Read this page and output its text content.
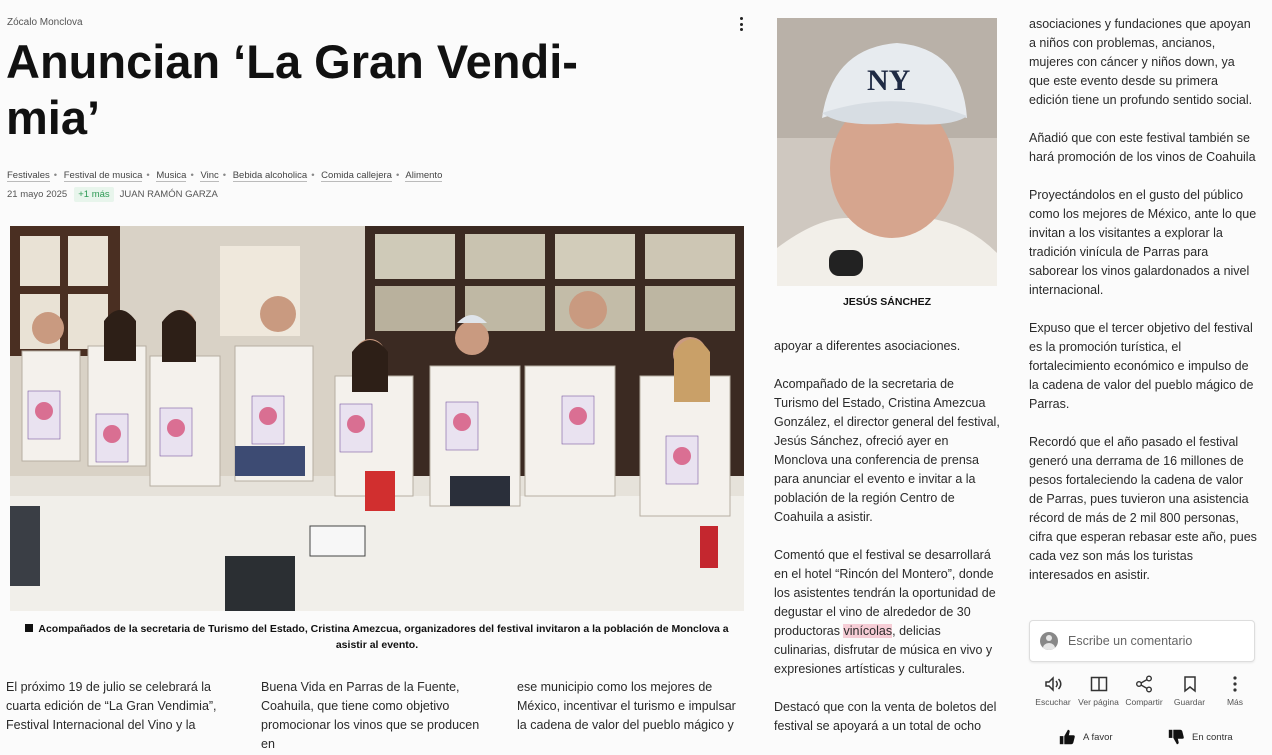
Zócalo Monclova
Anuncian ‘La Gran Vendi-
mia’
Festivales • Festival de musica • Musica • Vinc • Bebida alcoholica • Comida callejera • Alimento
21 mayo 2025	+1 más	JUAN RAMÓN GARZA
Acompañados de la secretaria de Turismo del Estado, Cristina Amezcua, organizadores del festival invitaron a la población de Monclova a asistir al evento.
NY
JESÚS SÁNCHEZ

El próximo 19 de julio se celebrará la cuarta edición de “La Gran Vendimia”, Festival Internacional del Vino y la

Buena Vida en Parras de la Fuente, Coahuila, que tiene como objetivo promocionar los vinos que se producen en

ese municipio como los mejores de México, incentivar el turismo e impulsar la cadena de valor del pueblo mágico y

apoyar a diferentes asociaciones.

Acompañado de la secretaria de Turismo del Estado, Cristina Amezcua González, el director general del festival, Jesús Sánchez, ofreció ayer en Monclova una conferencia de prensa para anunciar el evento e invitar a la población de la región Centro de Coahuila a asistir.

Comentó que el festival se desarrollará en el hotel “Rincón del Montero”, donde los asistentes tendrán la oportunidad de degustar el vino de alrededor de 30 productoras vinícolas, delicias culinarias, disfrutar de música en vivo y expresiones artísticas y culturales.

Destacó que con la venta de boletos del festival se apoyará a un total de ocho

asociaciones y fundaciones que apoyan a niños con problemas, ancianos, mujeres con cáncer y niños down, ya que este evento desde su primera edición tiene un profundo sentido social.

Añadió que con este festival también se hará promoción de los vinos de Coahuila

Proyectándolos en el gusto del público como los mejores de México, ante lo que invitan a los visitantes a explorar la tradición vinícula de Parras para saborear los vinos galardonados a nivel internacional.

Expuso que el tercer objetivo del festival es la promoción turística, el fortalecimiento económico e impulso de la cadena de valor del pueblo mágico de Parras.

Recordó que el año pasado el festival generó una derrama de 16 millones de pesos fortaleciendo la cadena de valor de Parras, pues tuvieron una asistencia récord de más de 2 mil 800 personas, cifra que esperan rebasar este año, pues cada vez son más los turistas interesados en asistir.

Escribe un comentario
Escuchar Ver página Compartir Guardar	Más
A favor	En contra
